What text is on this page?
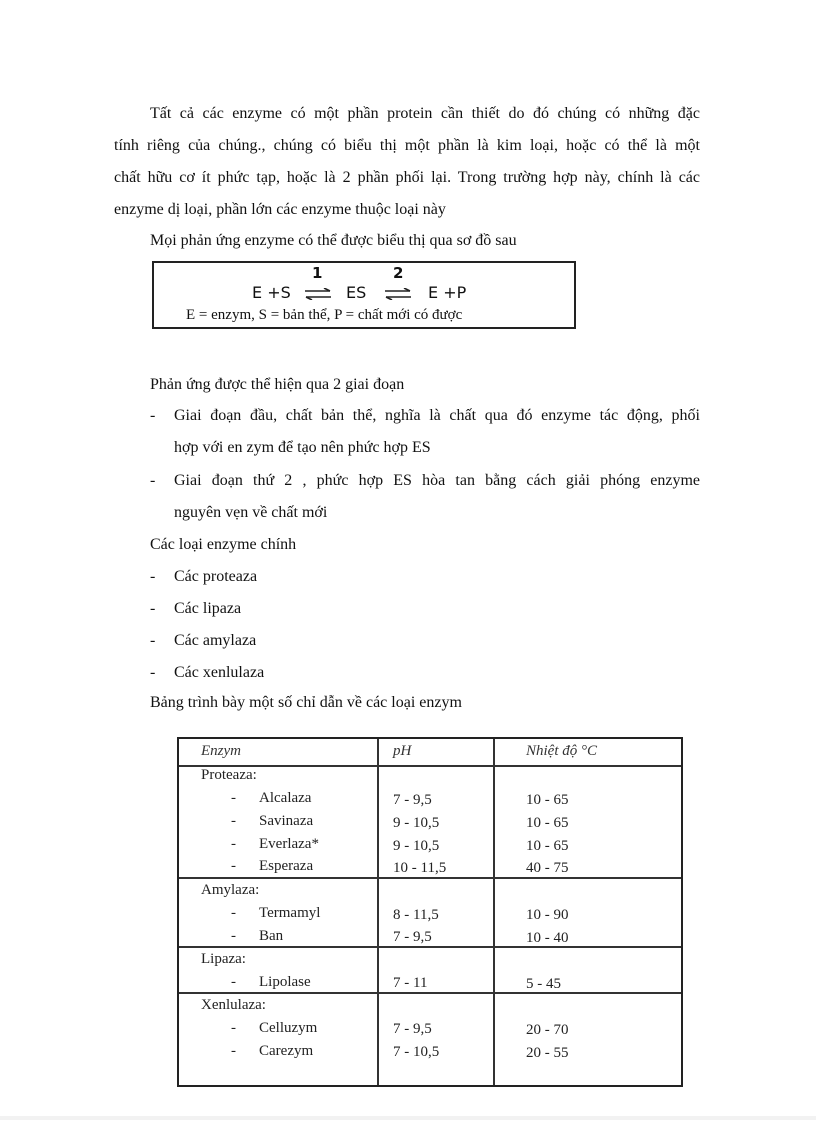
Tất cả các enzyme có một phần protein cần thiết do đó chúng có những đặc
tính riêng của chúng., chúng có biểu thị một phần là kim loại, hoặc có thể là một
chất hữu cơ ít phức tạp, hoặc là 2 phần phối lại. Trong trường hợp này, chính là các
enzyme dị loại, phần lớn các enzyme thuộc loại này
Mọi phản ứng enzyme có thể được biểu thị qua sơ đồ sau
E +S
1
⇌ ES
2
⇌ E +P
E = enzym, S = bản thể, P = chất mới có được
Phản ứng được thể hiện qua 2 giai đoạn
- Giai đoạn đầu, chất bản thể, nghĩa là chất qua đó enzyme tác động, phối
hợp với en zym để tạo nên phức hợp ES
- Giai đoạn thứ 2 , phức hợp ES hòa tan bằng cách giải phóng enzyme
nguyên vẹn về chất mới
Các loại enzyme chính
- Các proteaza
- Các lipaza
- Các amylaza
- Các xenlulaza
Bảng trình bày một số chỉ dẫn về các loại enzym
Enzym	pH	Nhiệt độ °C
Proteaza:
- Alcalaza	7 - 9,5	10 - 65
- Savinaza	9 - 10,5	10 - 65
- Everlaza*	9 - 10,5	10 - 65
- Esperaza	10 - 11,5	40 - 75
Amylaza:
- Termamyl	8 - 11,5	10 - 90
- Ban	7 - 9,5	10 - 40
Lipaza:
- Lipolase	7 - 11	5 - 45
Xenlulaza:
- Celluzym	7 - 9,5	20 - 70
- Carezym	7 - 10,5	20 - 55
